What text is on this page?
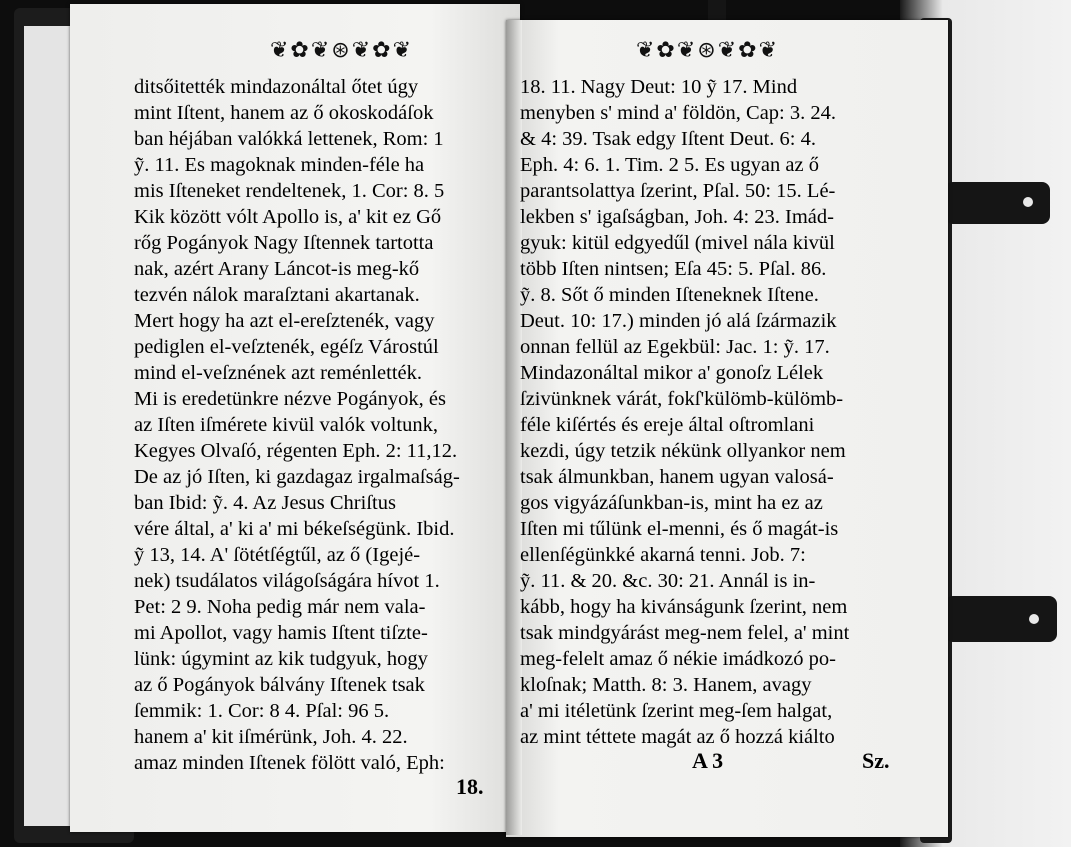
❦✿❦⊛❦✿❦	❦✿❦⊛❦✿❦
ditsőitették mindazonáltal őtet úgy
mint Iſtent, hanem az ő okoskodáſok
ban héjában valókká lettenek, Rom: 1
ỹ. 11. Es magoknak minden-féle ha
mis Iſteneket rendeltenek, 1. Cor: 8. 5
Kik között vólt Apollo is, a' kit ez Gő
rőg Pogányok Nagy Iſtennek tartotta
nak, azért Arany Láncot-is meg-kő
tezvén nálok maraſztani akartanak.
Mert hogy ha azt el-ereſztenék, vagy
pediglen el-veſztenék, egéſz Várostúl
mind el-veſznének azt reménlették.
Mi is eredetünkre nézve Pogányok, és
az Iſten iſmérete kivül valók voltunk,
Kegyes Olvaſó, régenten Eph. 2: 11,12.
De az jó Iſten, ki gazdagaz irgalmaſság-
ban Ibid: ỹ. 4. Az Jesus Chriſtus
vére által, a' ki a' mi békeſségünk. Ibid.
ỹ 13, 14. A' ſötétſégtűl, az ő (Igejé-
nek) tsudálatos világoſságára hívot 1.
Pet: 2 9. Noha pedig már nem vala-
mi Apollot, vagy hamis Iſtent tiſzte-
lünk: úgymint az kik tudgyuk, hogy
az ő Pogányok bálvány Iſtenek tsak
ſemmik: 1. Cor: 8 4. Pſal: 96 5.
hanem a' kit iſmérünk, Joh. 4. 22.
amaz minden Iſtenek fölött való, Eph:
18. 11. Nagy Deut: 10 ỹ 17. Mind
menyben s' mind a' földön, Cap: 3. 24.
& 4: 39. Tsak edgy Iſtent Deut. 6: 4.
Eph. 4: 6. 1. Tim. 2 5. Es ugyan az ő
parantsolattya ſzerint, Pſal. 50: 15. Lé-
lekben s' igaſságban, Joh. 4: 23. Imád-
gyuk: kitül edgyedűl (mivel nála kivül
több Iſten nintsen; Eſa 45: 5. Pſal. 86.
ỹ. 8. Sőt ő minden Iſteneknek Iſtene.
Deut. 10: 17.) minden jó alá ſzármazik
onnan fellül az Egekbül: Jac. 1: ỹ. 17.
Mindazonáltal mikor a' gonoſz Lélek
ſzivünknek várát, fokſ'külömb-külömb-
féle kiſértés és ereje által oſtromlani
kezdi, úgy tetzik nékünk ollyankor nem
tsak álmunkban, hanem ugyan valosá-
gos vigyázáſunkban-is, mint ha ez az
Iſten mi tűlünk el-menni, és ő magát-is
ellenſégünkké akarná tenni. Job. 7:
ỹ. 11. & 20. &c. 30: 21. Annál is in-
kább, hogy ha kivánságunk ſzerint, nem
tsak mindgyárást meg-nem felel, a' mint
meg-felelt amaz ő nékie imádkozó po-
kloſnak; Matth. 8: 3. Hanem, avagy
a' mi itéletünk ſzerint meg-ſem halgat,
az mint téttete magát az ő hozzá kiálto
18.
A 3	Sz.
